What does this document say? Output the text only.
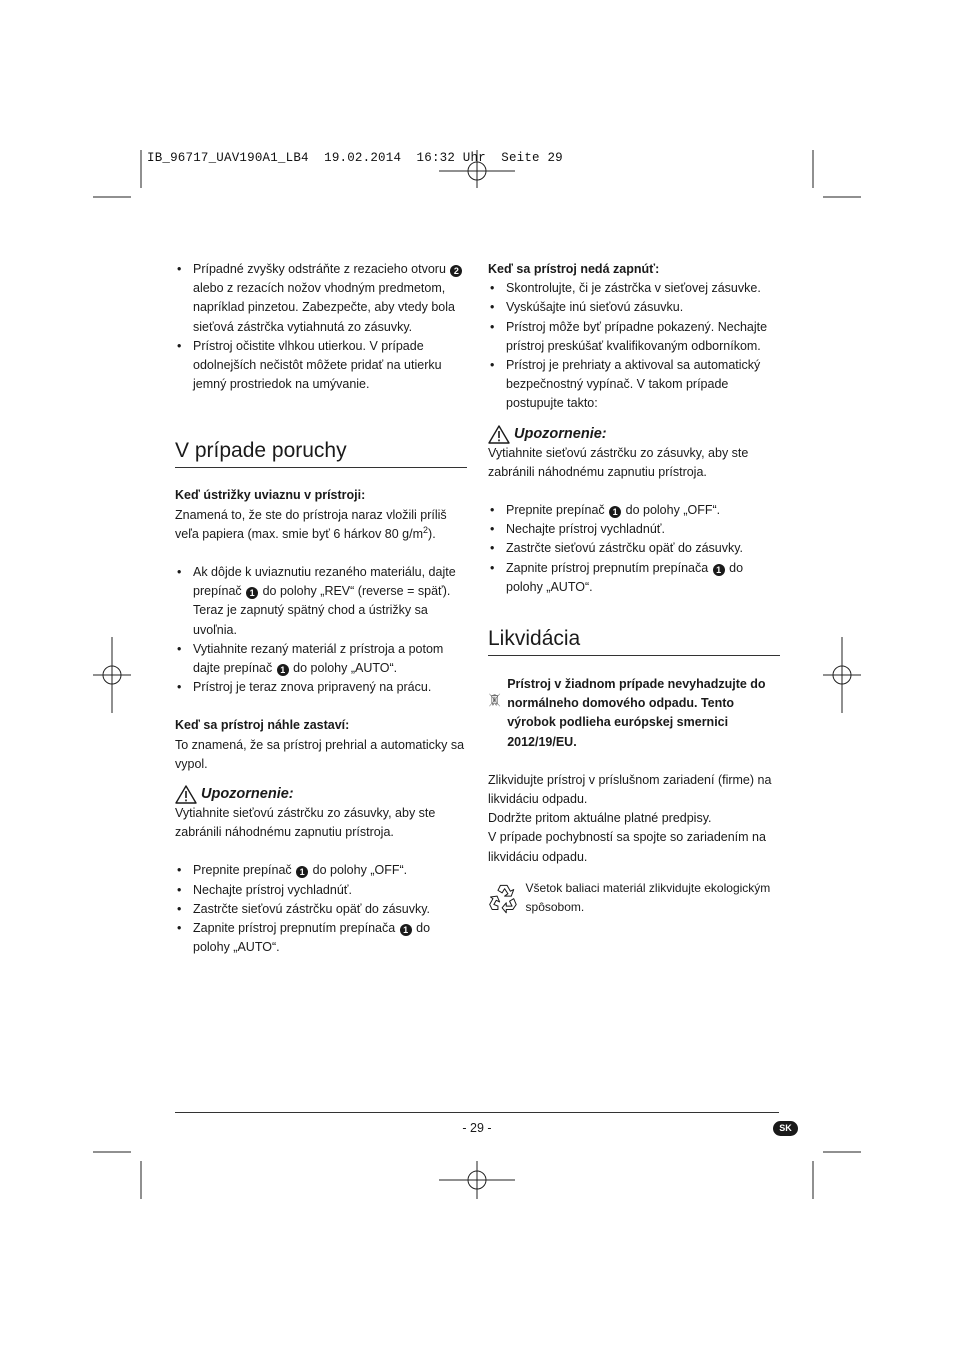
IB_96717_UAV190A1_LB4  19.02.2014  16:32 Uhr  Seite 29
• Prípadné zvyšky odstráňte z rezacieho otvoru 2 alebo z rezacích nožov vhodným predmetom, napríklad pinzetou. Zabezpečte, aby vtedy bola sieťová zástrčka vytiahnutá zo zásuvky.
• Prístroj očistite vlhkou utierkou. V prípade odolnejších nečistôt môžete pridať na utierku jemný prostriedok na umývanie.
V prípade poruchy
Keď ústrižky uviaznu v prístroji:

Znamená to, že ste do prístroja naraz vložili príliš veľa papiera (max. smie byť 6 hárkov 80 $g/m^2$).

• Ak dôjde k uviaznutiu rezaného materiálu, dajte prepínač 1 do polohy „REV“ (reverse = späť). Teraz je zapnutý spätný chod a ústrižky sa uvoľnia.
• Vytiahnite rezaný materiál z prístroja a potom dajte prepínač 1 do polohy „AUTO“.
• Prístroj je teraz znova pripravený na prácu.
Keď sa prístroj náhle zastaví:

To znamená, že sa prístroj prehrial a automaticky sa vypol.

Upozornenie:

Vytiahnite sieťovú zástrčku zo zásuvky, aby ste zabránili náhodnému zapnutiu prístroja.

• Prepnite prepínač 1 do polohy „OFF“.
• Nechajte prístroj vychladnúť.
• Zastrčte sieťovú zástrčku opäť do zásuvky.
• Zapnite prístroj prepnutím prepínača 1 do polohy „AUTO“.
Keď sa prístroj nedá zapnúť:
• Skontrolujte, či je zástrčka v sieťovej zásuvke.
• Vyskúšajte inú sieťovú zásuvku.
• Prístroj môže byť prípadne pokazený. Nechajte prístroj preskúšať kvalifikovaným odborníkom.
• Prístroj je prehriaty a aktivoval sa automatický bezpečnostný vypínač. V takom prípade postupujte takto:
Upozornenie:

Vytiahnite sieťovú zástrčku zo zásuvky, aby ste zabránili náhodnému zapnutiu prístroja.

• Prepnite prepínač 1 do polohy „OFF“.
• Nechajte prístroj vychladnúť.
• Zastrčte sieťovú zástrčku opäť do zásuvky.
• Zapnite prístroj prepnutím prepínača 1 do polohy „AUTO“.
Likvidácia

Prístroj v žiadnom prípade nevyhadzujte do normálneho domového odpadu. Tento výrobok podlieha európskej smernici 2012/19/EU.

Zlikvidujte prístroj v príslušnom zariadení (firme) na likvidáciu odpadu.

Dodržte pritom aktuálne platné predpisy.

V prípade pochybností sa spojte so zariadením na likvidáciu odpadu.

Všetok baliaci materiál zlikvidujte ekologickým spôsobom.

- 29 -	SK
